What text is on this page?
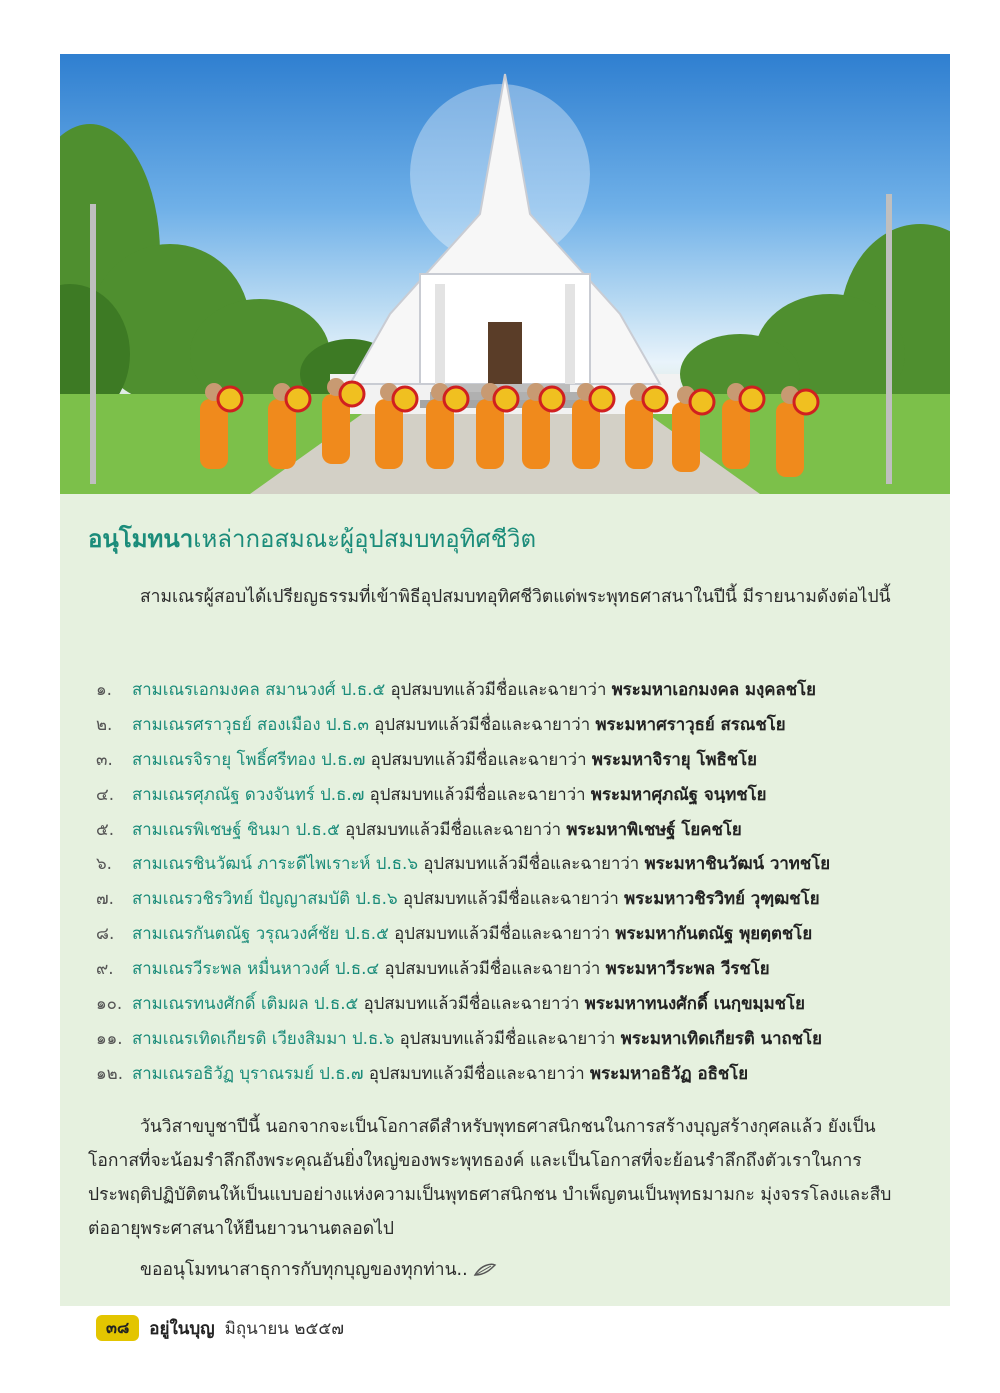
อนุโมทนาเหล่ากอสมณะผู้อุปสมบทอุทิศชีวิต
สามเณรผู้สอบได้เปรียญธรรมที่เข้าพิธีอุปสมบทอุทิศชีวิตแด่พระพุทธศาสนาในปีนี้ มีรายนามดังต่อไปนี้
๑. สามเณรเอกมงคล สมานวงศ์ ป.ธ.๕ อุปสมบทแล้วมีชื่อและฉายาว่า พระมหาเอกมงคล มงฺคลชโย
๒. สามเณรศราวุธย์ สองเมือง ป.ธ.๓ อุปสมบทแล้วมีชื่อและฉายาว่า พระมหาศราวุธย์ สรณชโย
๓. สามเณรจิรายุ โพธิ์ศรีทอง ป.ธ.๗ อุปสมบทแล้วมีชื่อและฉายาว่า พระมหาจิรายุ โพธิชโย
๔. สามเณรศุภณัฐ ดวงจันทร์ ป.ธ.๗ อุปสมบทแล้วมีชื่อและฉายาว่า พระมหาศุภณัฐ จนฺทชโย
๕. สามเณรพิเชษฐ์ ชินมา ป.ธ.๕ อุปสมบทแล้วมีชื่อและฉายาว่า พระมหาพิเชษฐ์ โยคชโย
๖. สามเณรชินวัฒน์ ภาระดีไพเราะห์ ป.ธ.๖ อุปสมบทแล้วมีชื่อและฉายาว่า พระมหาชินวัฒน์ วาทชโย
๗. สามเณรวชิรวิทย์ ปัญญาสมบัติ ป.ธ.๖ อุปสมบทแล้วมีชื่อและฉายาว่า พระมหาวชิรวิทย์ วุฑฺฒชโย
๘. สามเณรกันตณัฐ วรุณวงศ์ชัย ป.ธ.๕ อุปสมบทแล้วมีชื่อและฉายาว่า พระมหากันตณัฐ พุยตฺตชโย
๙. สามเณรวีระพล หมื่นหาวงศ์ ป.ธ.๔ อุปสมบทแล้วมีชื่อและฉายาว่า พระมหาวีระพล วีรชโย
๑๐. สามเณรทนงศักดิ์ เติมผล ป.ธ.๕ อุปสมบทแล้วมีชื่อและฉายาว่า พระมหาทนงศักดิ์ เนกฺขมฺมชโย
๑๑. สามเณรเทิดเกียรติ เวียงสิมมา ป.ธ.๖ อุปสมบทแล้วมีชื่อและฉายาว่า พระมหาเทิดเกียรติ นาถชโย
๑๒. สามเณรอธิวัฏ บุราณรมย์ ป.ธ.๗ อุปสมบทแล้วมีชื่อและฉายาว่า พระมหาอธิวัฏ อธิชโย
วันวิสาขบูชาปีนี้ นอกจากจะเป็นโอกาสดีสำหรับพุทธศาสนิกชนในการสร้างบุญสร้างกุศลแล้ว ยังเป็นโอกาสที่จะน้อมรำลึกถึงพระคุณอันยิ่งใหญ่ของพระพุทธองค์ และเป็นโอกาสที่จะย้อนรำลึกถึงตัวเราในการประพฤติปฏิบัติตนให้เป็นแบบอย่างแห่งความเป็นพุทธศาสนิกชน บำเพ็ญตนเป็นพุทธมามกะ มุ่งจรรโลงและสืบต่ออายุพระศาสนาให้ยืนยาวนานตลอดไป
ขออนุโมทนาสาธุการกับทุกบุญของทุกท่าน..
๓๘	อยู่ในบุญ มิถุนายน ๒๕๕๗
